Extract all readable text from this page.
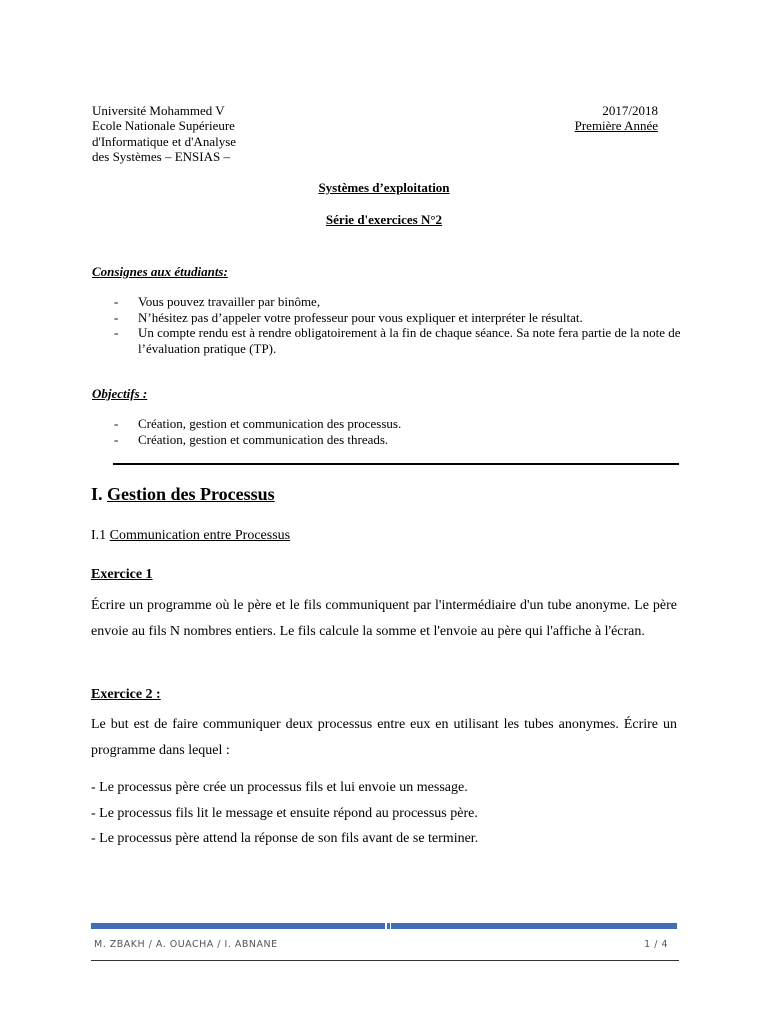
Université Mohammed V
Ecole Nationale Supérieure
d'Informatique et d'Analyse
des Systèmes – ENSIAS –
2017/2018
Première Année
Systèmes d’exploitation
Série d'exercices N°2
Consignes aux étudiants:
- Vous pouvez travailler par binôme,
- N’hésitez pas d’appeler votre professeur pour vous expliquer et interpréter le résultat.
- Un compte rendu est à rendre obligatoirement à la fin de chaque séance. Sa note fera partie de la note de l’évaluation pratique (TP).
Objectifs :
- Création, gestion et communication des processus.
- Création, gestion et communication des threads.
I. Gestion des Processus
I.1 Communication entre Processus
Exercice 1
Écrire un programme où le père et le fils communiquent par l'intermédiaire d'un tube anonyme. Le père envoie au fils N nombres entiers. Le fils calcule la somme et l'envoie au père qui l'affiche à l'écran.
Exercice 2 :
Le but est de faire communiquer deux processus entre eux en utilisant les tubes anonymes. Écrire un programme dans lequel :
- Le processus père crée un processus fils et lui envoie un message.
- Le processus fils lit le message et ensuite répond au processus père.
- Le processus père attend la réponse de son fils avant de se terminer.
M. ZBAKH / A. OUACHA / I. ABNANE	1 / 4
